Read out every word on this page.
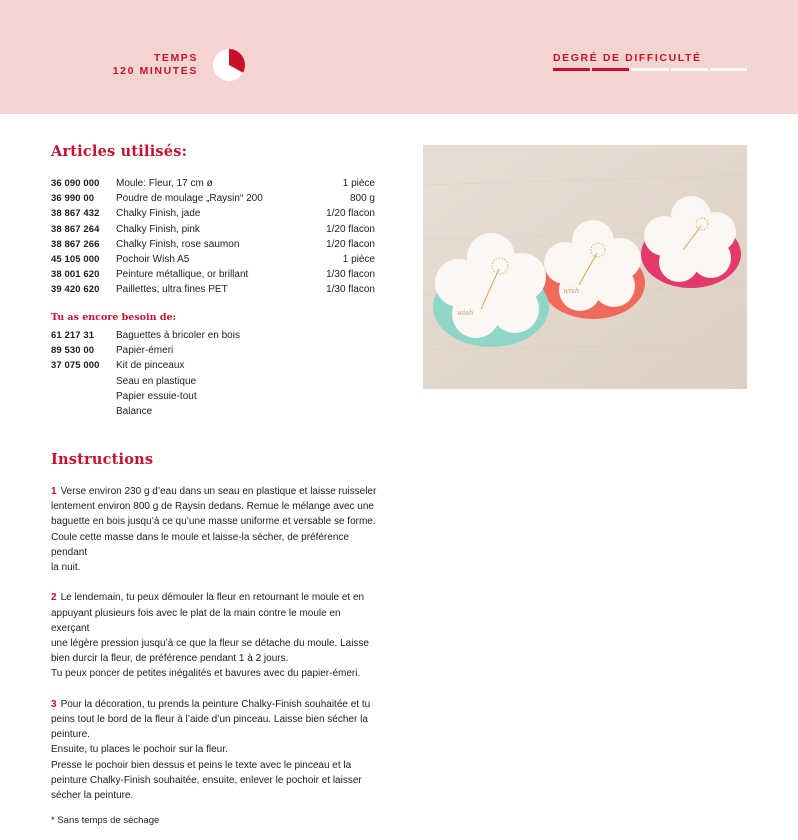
TEMPS
120 MINUTES
DEGRÉ DE DIFFICULTÉ
Articles utilisés:
36 090 000	Moule: Fleur, 17 cm ø	1 pièce
36 990 00	Poudre de moulage „Raysin“ 200	800 g
38 867 432	Chalky Finish, jade	1/20 flacon
38 867 264	Chalky Finish, pink	1/20 flacon
38 867 266	Chalky Finish, rose saumon	1/20 flacon
45 105 000	Pochoir Wish A5	1 pièce
38 001 620	Peinture métallique, or brillant	1/30 flacon
39 420 620	Paillettes, ultra fines PET	1/30 flacon
Tu as encore besoin de:
61 217 31	Baguettes à bricoler en bois
89 530 00	Papier-émeri
37 075 000	Kit de pinceaux
Seau en plastique
Papier essuie-tout
Balance
wish
wish
Instructions
1 Verse environ 230 g d’eau dans un seau en plastique et laisse ruisseler
lentement environ 800 g de Raysin dedans. Remue le mélange avec une
baguette en bois jusqu’à ce qu’une masse uniforme et versable se forme.
Coule cette masse dans le moule et laisse-la sécher, de préférence pendant
la nuit.
2 Le lendemain, tu peux démouler la fleur en retournant le moule et en
appuyant plusieurs fois avec le plat de la main contre le moule en exerçant
une légère pression jusqu’à ce que la fleur se détache du moule. Laisse
bien durcir la fleur, de préférence pendant 1 à 2 jours.
Tu peux poncer de petites inégalités et bavures avec du papier-émeri.
3 Pour la décoration, tu prends la peinture Chalky-Finish souhaitée et tu
peins tout le bord de la fleur à l’aide d’un pinceau. Laisse bien sécher la
peinture.
Ensuite, tu places le pochoir sur la fleur.
Presse le pochoir bien dessus et peins le texte avec le pinceau et la
peinture Chalky-Finish souhaitée, ensuite, enlever le pochoir et laisser
sécher la peinture.
* Sans temps de séchage
